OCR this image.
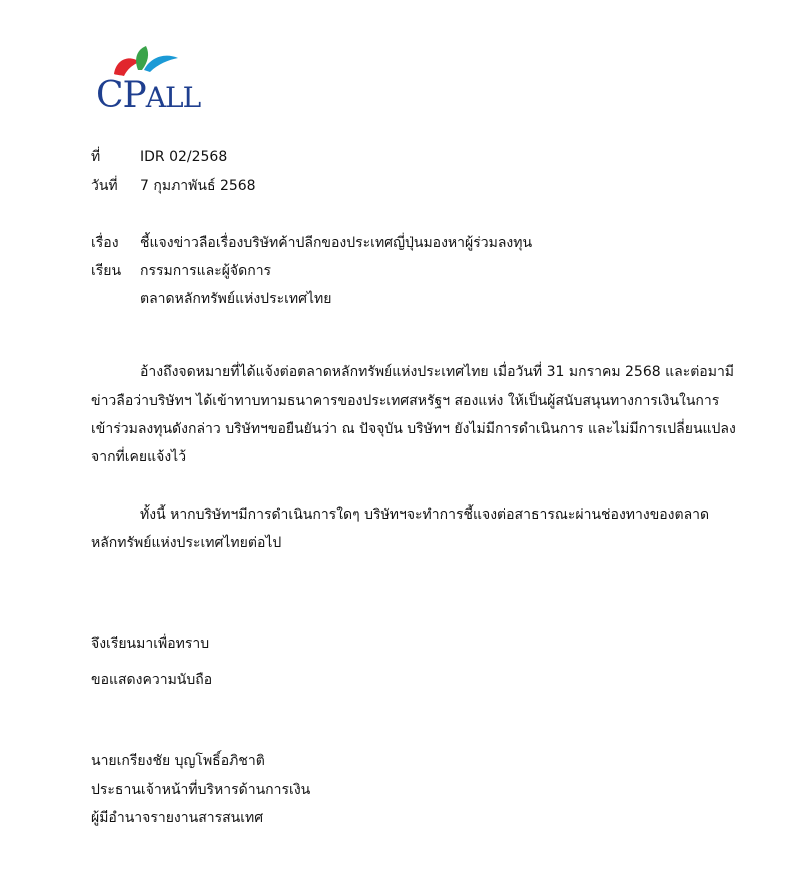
CPALL
ที่	IDR 02/2568
วันที่ 7 กุมภาพันธ์ 2568
เรื่อง ชี้แจงข่าวลือเรื่องบริษัทค้าปลีกของประเทศญี่ปุ่นมองหาผู้ร่วมลงทุน
เรียน กรรมการและผู้จัดการ
ตลาดหลักทรัพย์แห่งประเทศไทย
อ้างถึงจดหมายที่ได้แจ้งต่อตลาดหลักทรัพย์แห่งประเทศไทย เมื่อวันที่ 31 มกราคม 2568 และต่อมามี
ข่าวลือว่าบริษัทฯ ได้เข้าทาบทามธนาคารของประเทศสหรัฐฯ สองแห่ง ให้เป็นผู้สนับสนุนทางการเงินในการ
เข้าร่วมลงทุนดังกล่าว บริษัทฯขอยืนยันว่า ณ ปัจจุบัน บริษัทฯ ยังไม่มีการดำเนินการ และไม่มีการเปลี่ยนแปลง
จากที่เคยแจ้งไว้
ทั้งนี้ หากบริษัทฯมีการดำเนินการใดๆ บริษัทฯจะทำการชี้แจงต่อสาธารณะผ่านช่องทางของตลาด
หลักทรัพย์แห่งประเทศไทยต่อไป
จึงเรียนมาเพื่อทราบ
ขอแสดงความนับถือ
นายเกรียงชัย บุญโพธิ์อภิชาติ
ประธานเจ้าหน้าที่บริหารด้านการเงิน
ผู้มีอำนาจรายงานสารสนเทศ
